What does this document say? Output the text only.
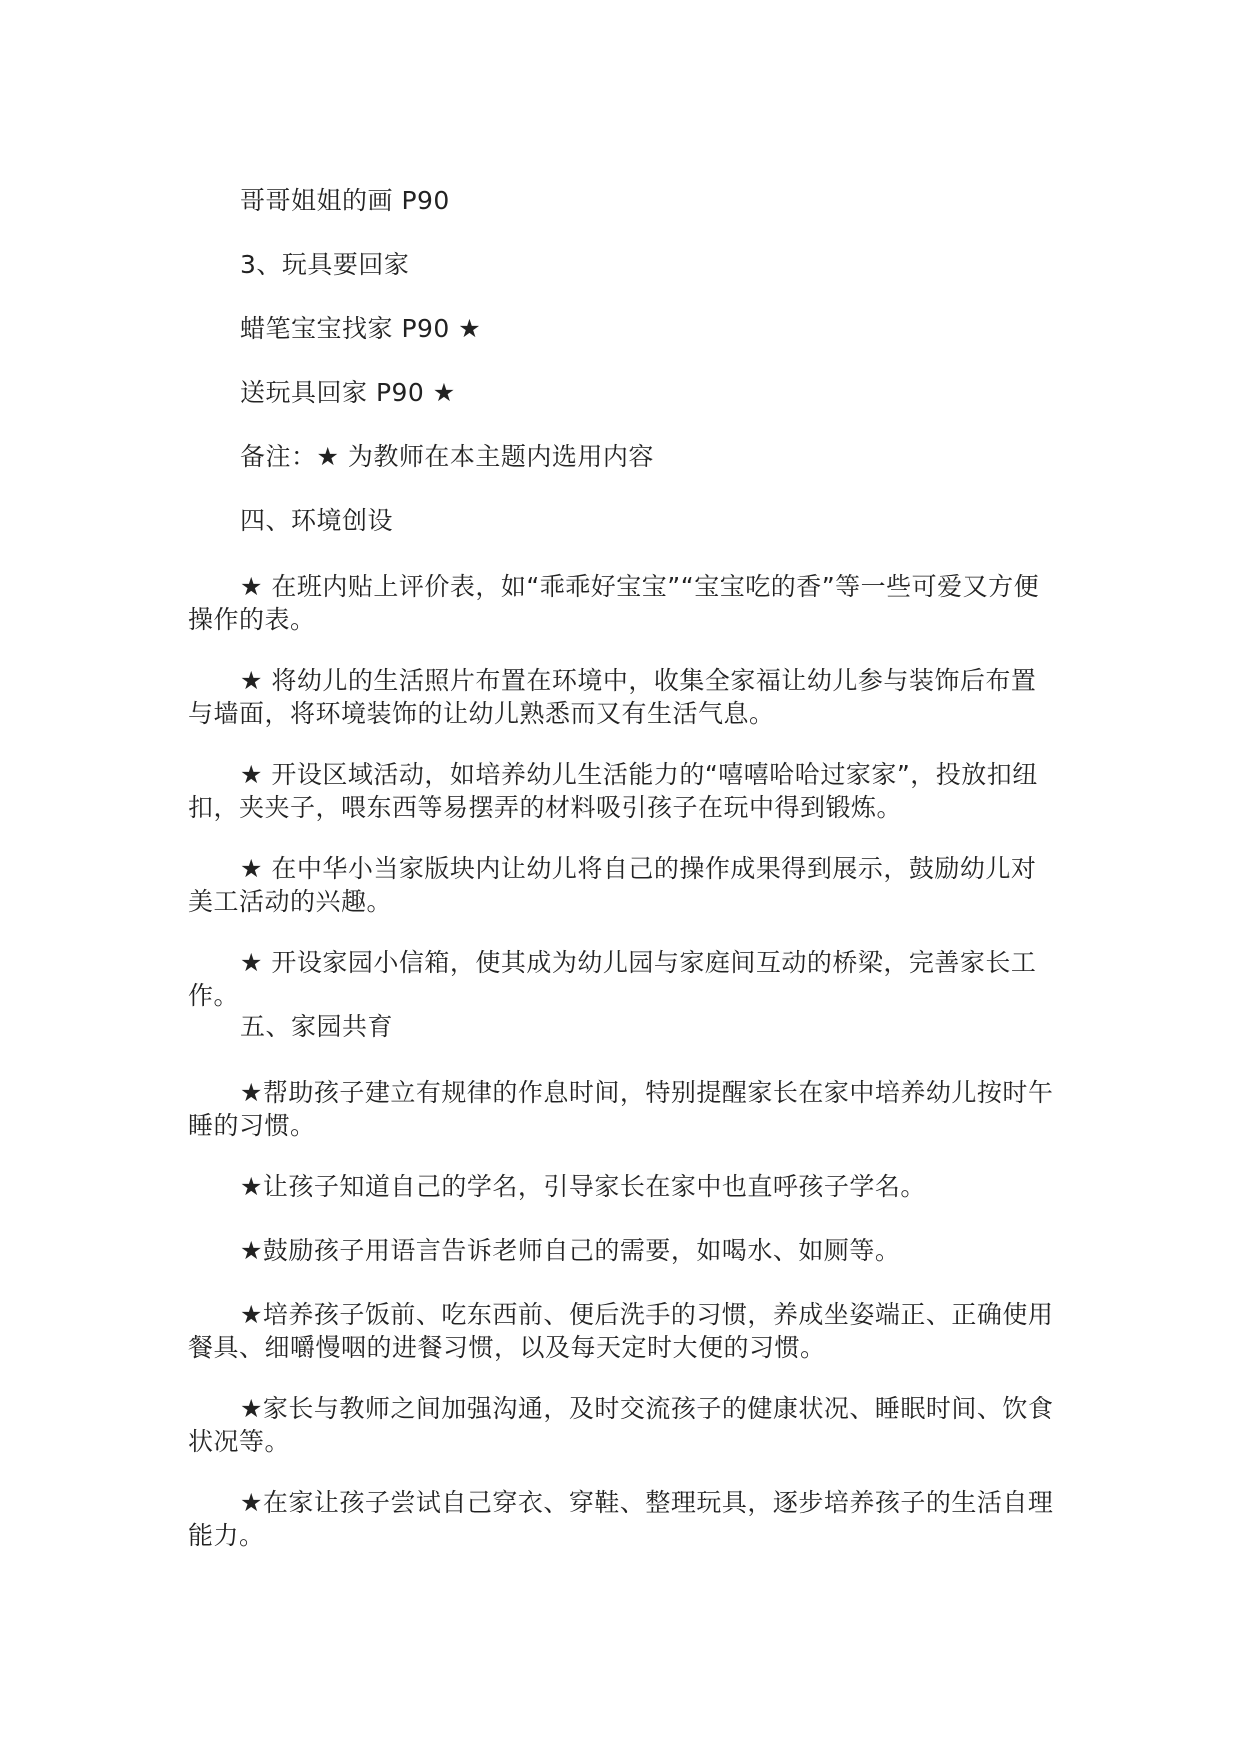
哥哥姐姐的画 P90
3、玩具要回家
蜡笔宝宝找家 P90 ★
送玩具回家 P90 ★
备注：★ 为教师在本主题内选用内容
四、环境创设
★ 在班内贴上评价表，如“乖乖好宝宝”“宝宝吃的香”等一些可爱又方便操作的表。
★ 将幼儿的生活照片布置在环境中，收集全家福让幼儿参与装饰后布置与墙面，将环境装饰的让幼儿熟悉而又有生活气息。
★ 开设区域活动，如培养幼儿生活能力的“嘻嘻哈哈过家家”，投放扣纽扣，夹夹子，喂东西等易摆弄的材料吸引孩子在玩中得到锻炼。
★ 在中华小当家版块内让幼儿将自己的操作成果得到展示，鼓励幼儿对美工活动的兴趣。
★ 开设家园小信箱，使其成为幼儿园与家庭间互动的桥梁，完善家长工作。
五、家园共育
★帮助孩子建立有规律的作息时间，特别提醒家长在家中培养幼儿按时午睡的习惯。
★让孩子知道自己的学名，引导家长在家中也直呼孩子学名。
★鼓励孩子用语言告诉老师自己的需要，如喝水、如厕等。
★培养孩子饭前、吃东西前、便后洗手的习惯，养成坐姿端正、正确使用餐具、细嚼慢咽的进餐习惯，以及每天定时大便的习惯。
★家长与教师之间加强沟通，及时交流孩子的健康状况、睡眠时间、饮食状况等。
★在家让孩子尝试自己穿衣、穿鞋、整理玩具，逐步培养孩子的生活自理能力。
